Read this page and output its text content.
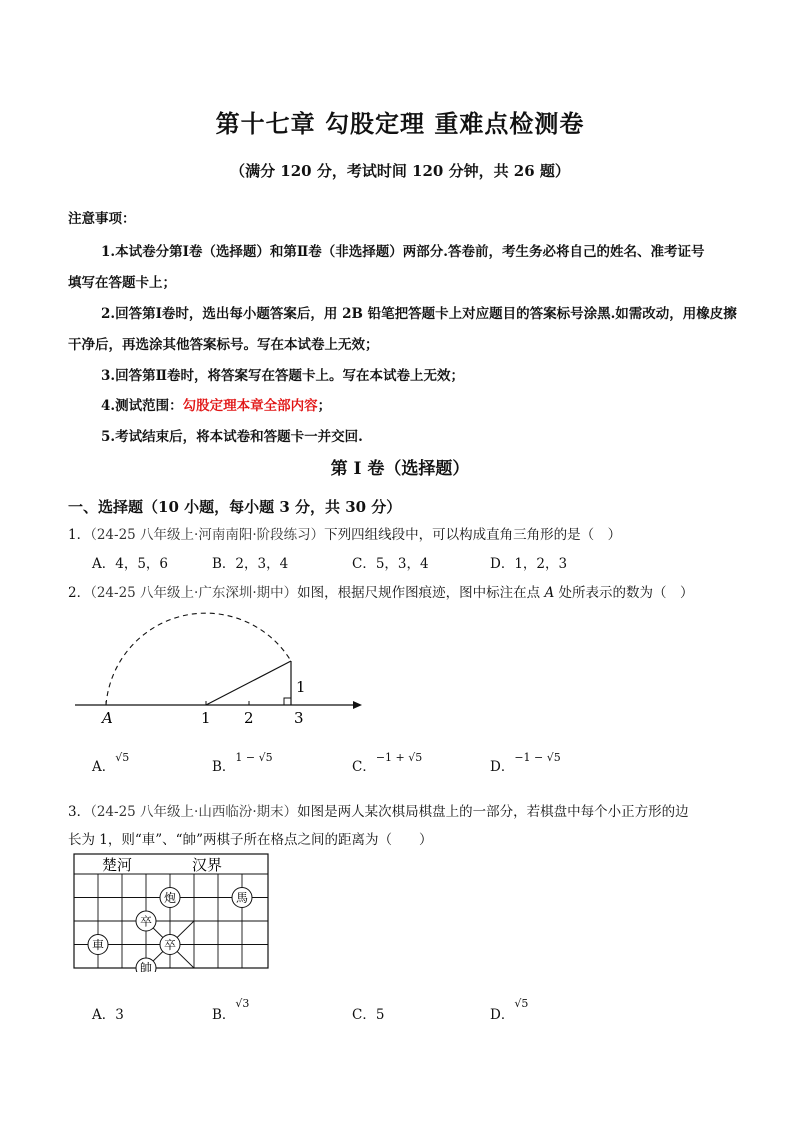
第十七章 勾股定理 重难点检测卷
（满分 120 分，考试时间 120 分钟，共 26 题）
注意事项：
1.本试卷分第Ⅰ卷（选择题）和第Ⅱ卷（非选择题）两部分.答卷前，考生务必将自己的姓名、准考证号
填写在答题卡上；
2.回答第Ⅰ卷时，选出每小题答案后，用 2B 铅笔把答题卡上对应题目的答案标号涂黑.如需改动，用橡皮擦
干净后，再选涂其他答案标号。写在本试卷上无效；
3.回答第Ⅱ卷时，将答案写在答题卡上。写在本试卷上无效；
4.测试范围：勾股定理本章全部内容；
5.考试结束后，将本试卷和答题卡一并交回.
第 I 卷（选择题）
一、选择题（10 小题，每小题 3 分，共 30 分）
1．（24-25 八年级上·河南南阳·阶段练习）下列四组线段中，可以构成直角三角形的是（　）
A．4，5，6	B．2，3，4	C．5，3，4	D．1，2，3
2．（24-25 八年级上·广东深圳·期中）如图，根据尺规作图痕迹，图中标注在点 A 处所表示的数为（　）
A	1 2	3
1
A．$^{√5}$
B．$^{1 - √5}$
C．$^{-1 + √5}$
D．$^{-1 - √5}$
3．（24-25 八年级上·山西临汾·期末）如图是两人某次棋局棋盘上的一部分，若棋盘中每个小正方形的边
长为 1，则“車”、“帥”两棋子所在格点之间的距离为（　　）
楚河	汉界
炮	馬
卒
車	卒
帥
A．3	B．$^{√3}$
C．5	D．$^{√5}$
